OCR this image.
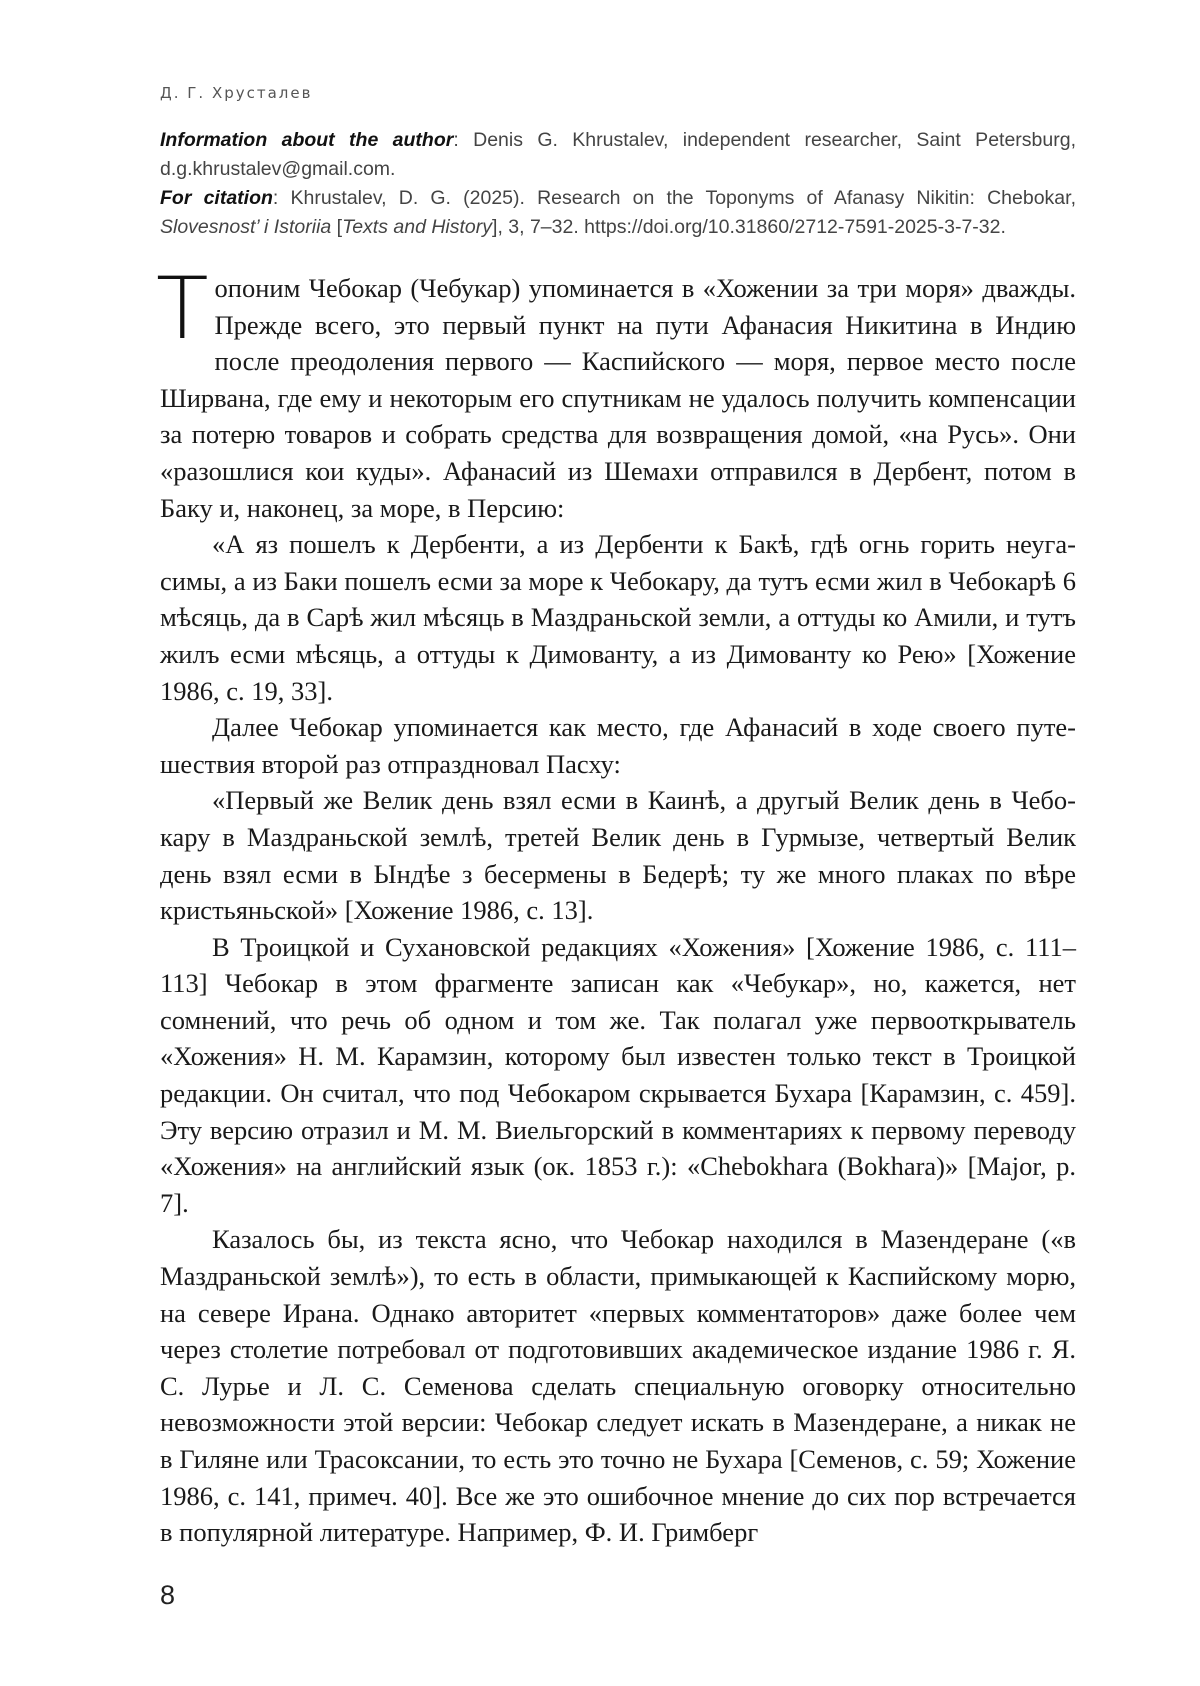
Д. Г. Хрусталев

Information about the author: Denis G. Khrustalev, independent researcher, Saint Petersburg, d.g.khrustalev@gmail.com.

For citation: Khrustalev, D. G. (2025). Research on the Toponyms of Afanasy Nikitin: Chebokar, Slovesnost’ i Istoriia [Texts and History], 3, 7–32. https://doi.org/10.31860/2712-7591-2025-3-7-32.

Т опоним Чебокар (Чебукар) упоминается в «Хожении за три моря» дважды. Прежде всего, это первый пункт на пути Афанасия Никитина в Индию после преодоления первого — Каспийского — моря, первое место после Ширвана, где ему и некоторым его спутникам не удалось получить компенсации за потерю товаров и собрать средства для возвращения домой, «на Русь». Они «разошлися кои куды». Афанасий из Шемахи отправился в Дербент, потом в Баку и, наконец, за море, в Персию:

«А яз пошелъ к Дербенти, а из Дербенти к Бакѣ, гдѣ огнь горить неуга­симы, а из Баки пошелъ есми за море к Чебокару, да тутъ есми жил в Чебо­карѣ 6 мѣсяць, да в Сарѣ жил мѣсяць в Маздраньской земли, а оттуды ко Амили, и тутъ жилъ есми мѣсяць, а оттуды к Димованту, а из Димованту ко Рею» [Хожение 1986, с. 19, 33].

Далее Чебокар упоминается как место, где Афанасий в ходе своего путе­шествия второй раз отпраздновал Пасху:

«Первый же Велик день взял есми в Каинѣ, а другый Велик день в Чебо­кару в Маздраньской землѣ, третей Велик день в Гурмызе, четвертый Велик день взял есми в Ындѣе з бесермены в Бедерѣ; ту же много плаках по вѣре кристьяньской» [Хожение 1986, с. 13].

В Троицкой и Сухановской редакциях «Хожения» [Хожение 1986, с. 111–113] Чебокар в этом фрагменте записан как «Чебукар», но, кажется, нет сомнений, что речь об одном и том же. Так полагал уже первооткрыватель «Хожения» Н. М. Карамзин, которому был известен только текст в Троиц­кой редакции. Он считал, что под Чебокаром скрывается Бухара [Карамзин, с. 459]. Эту версию отразил и М. М. Виельгорский в комментариях к первому переводу «Хожения» на английский язык (ок. 1853 г.): «Chebokhara (Bokha­ra)» [Major, p. 7].

Казалось бы, из текста ясно, что Чебокар находился в Мазендеране («в Маздраньской землѣ»), то есть в области, примыкающей к Каспийскому морю, на севере Ирана. Однако авторитет «первых комментаторов» даже более чем через столетие потребовал от подготовивших академическое издание 1986 г. Я. С. Лурье и Л. С. Семенова сделать специальную оговорку относи­тельно невозможности этой версии: Чебокар следует искать в Мазендеране, а никак не в Гиляне или Трасоксании, то есть это точно не Бухара [Семенов, с. 59; Хожение 1986, с. 141, примеч. 40]. Все же это ошибочное мнение до сих пор встречается в популярной литературе. Например, Ф. И. Гримберг

8
